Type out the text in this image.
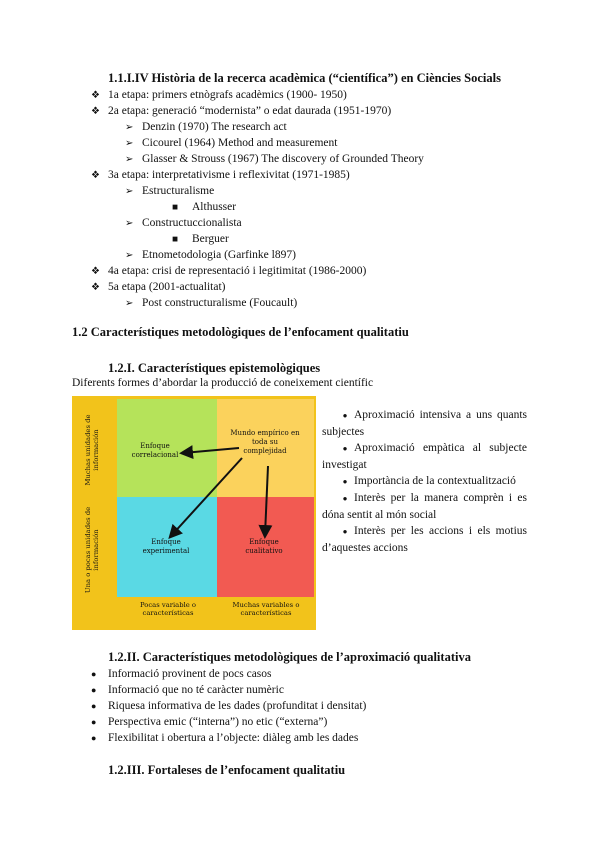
1.1.I.IV Història de la recerca acadèmica (“científica”) en Ciències Socials
❖ 1a etapa: primers etnògrafs acadèmics (1900- 1950)
❖ 2a etapa: generació “modernista” o edat daurada (1951-1970)
➢ Denzin (1970) The research act
➢ Cicourel (1964) Method and measurement
➢ Glasser & Strouss (1967) The discovery of Grounded Theory
❖ 3a etapa: interpretativisme i reflexivitat (1971-1985)
➢ Estructuralisme
■ Althusser
➢ Constructuccionalista
■ Berguer
➢ Etnometodologia (Garfinke l897)
❖ 4a etapa: crisi de representació i legitimitat (1986-2000)
❖ 5a etapa (2001-actualitat)
➢ Post constructuralisme (Foucault)
1.2 Característiques metodològiques de l’enfocament qualitatiu
1.2.I. Característiques epistemològiques
Diferents formes d’abordar la producció de coneixement científic
Enfoque correlacional
Mundo empírico en toda su complejidad
Enfoque experimental
Enfoque cualitativo
Muchas unidades de información
Una o pocas unidades de información
Pocas variable o características
Muchas variables o características
● Aproximació intensiva a uns quants subjectes
● Aproximació empàtica al subjecte investigat
● Importància de la contextualització
● Interès per la manera comprèn i es dóna sentit al món social
● Interès per les accions i els motius d’aquestes accions
1.2.II. Característiques metodològiques de l’aproximació qualitativa
● Informació provinent de pocs casos
● Informació que no té caràcter numèric
● Riquesa informativa de les dades (profunditat i densitat)
● Perspectiva emic (“interna”) no etic (“externa”)
● Flexibilitat i obertura a l’objecte: diàleg amb les dades
1.2.III. Fortaleses de l’enfocament qualitatiu
